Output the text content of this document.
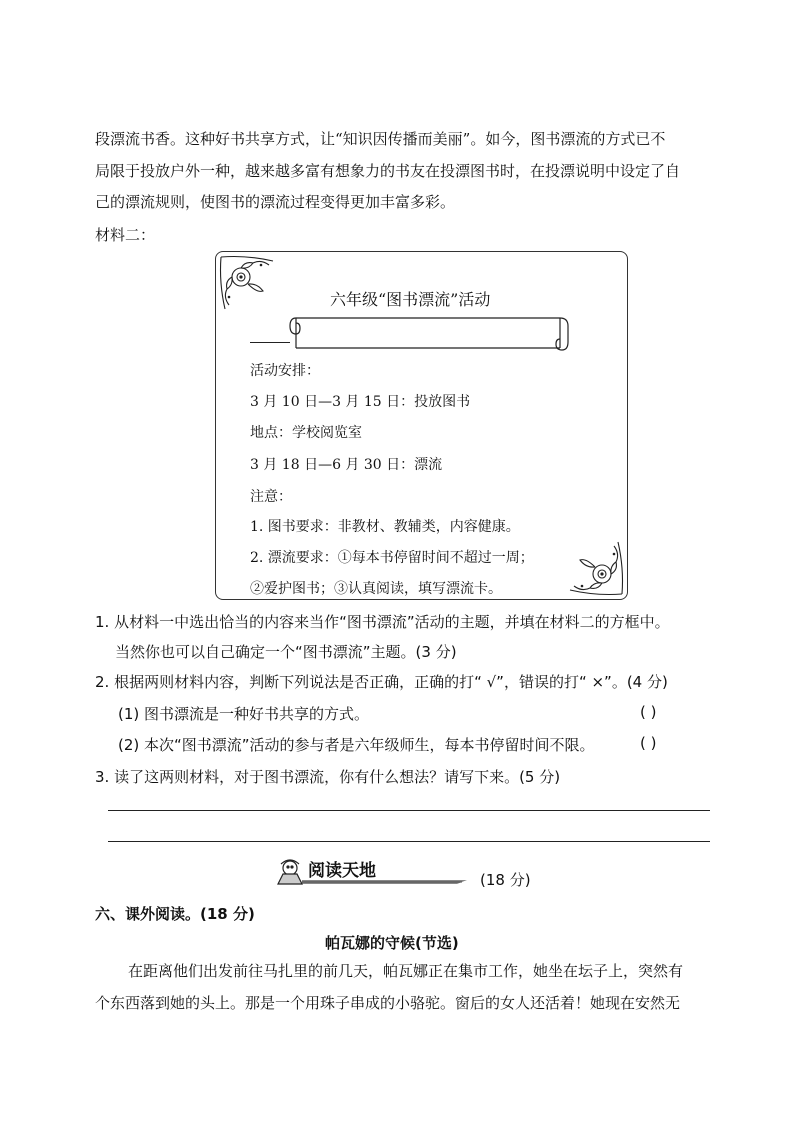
段漂流书香。这种好书共享方式，让“知识因传播而美丽”。如今，图书漂流的方式已不
局限于投放户外一种，越来越多富有想象力的书友在投漂图书时，在投漂说明中设定了自
己的漂流规则，使图书的漂流过程变得更加丰富多彩。
材料二：
六年级“图书漂流”活动
活动安排：
3 月 10 日—3 月 15 日：投放图书
地点：学校阅览室
3 月 18 日—6 月 30 日：漂流
注意：
1. 图书要求：非教材、教辅类，内容健康。
2. 漂流要求：①每本书停留时间不超过一周；
②爱护图书；③认真阅读，填写漂流卡。
1. 从材料一中选出恰当的内容来当作“图书漂流”活动的主题，并填在材料二的方框中。
当然你也可以自己确定一个“图书漂流”主题。(3 分)
2. 根据两则材料内容，判断下列说法是否正确，正确的打“ √”，错误的打“ ×”。(4 分)
(1) 图书漂流是一种好书共享的方式。	( )
(2) 本次“图书漂流”活动的参与者是六年级师生，每本书停留时间不限。	( )
3. 读了这两则材料，对于图书漂流，你有什么想法？请写下来。(5 分)
阅读天地	(18 分)
六、课外阅读。(18 分)
帕瓦娜的守候(节选)
在距离他们出发前往马扎里的前几天，帕瓦娜正在集市工作，她坐在坛子上，突然有
个东西落到她的头上。那是一个用珠子串成的小骆驼。窗后的女人还活着！她现在安然无
